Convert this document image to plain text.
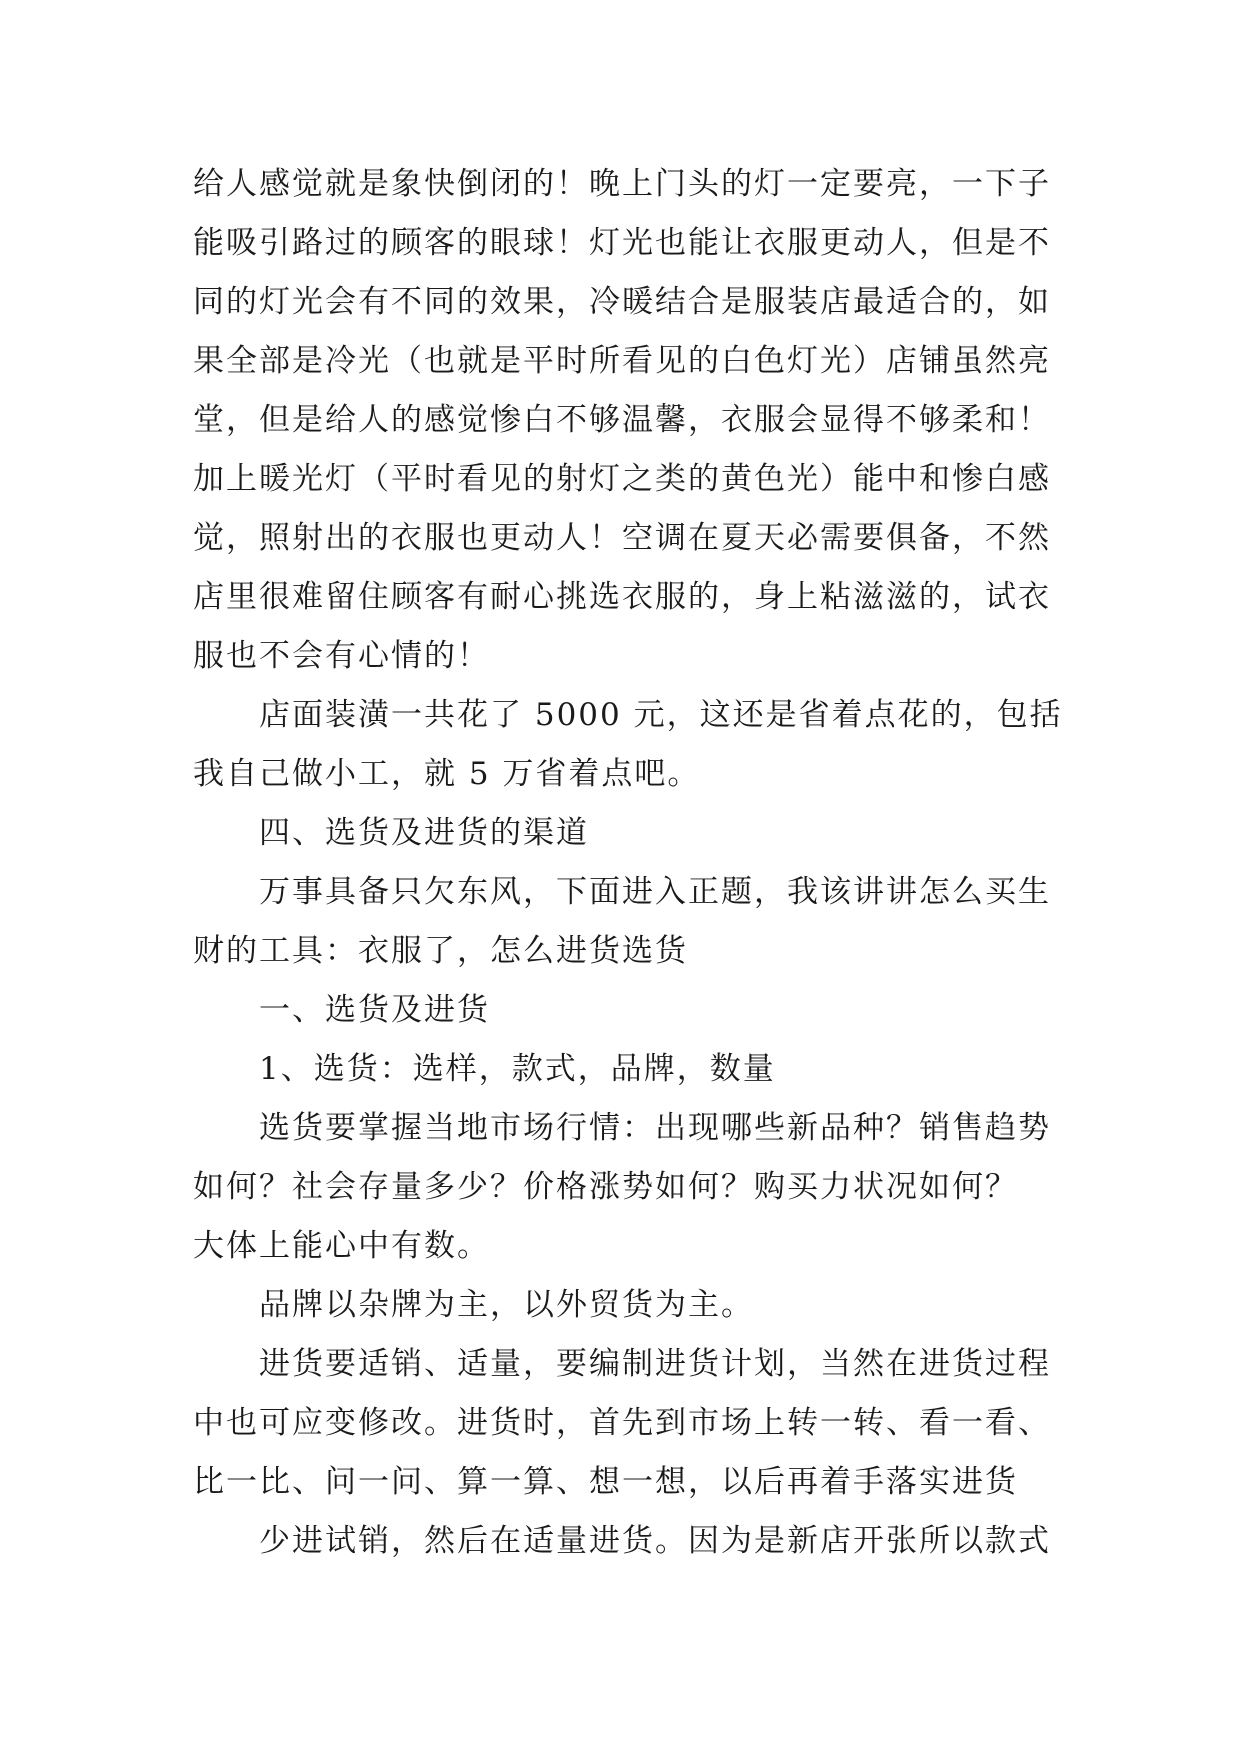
给人感觉就是象快倒闭的！晚上门头的灯一定要亮，一下子
能吸引路过的顾客的眼球！灯光也能让衣服更动人，但是不
同的灯光会有不同的效果，冷暖结合是服装店最适合的，如
果全部是冷光（也就是平时所看见的白色灯光）店铺虽然亮
堂，但是给人的感觉惨白不够温馨，衣服会显得不够柔和！
加上暖光灯（平时看见的射灯之类的黄色光）能中和惨白感
觉，照射出的衣服也更动人！空调在夏天必需要俱备，不然
店里很难留住顾客有耐心挑选衣服的，身上粘滋滋的，试衣
服也不会有心情的！
店面装潢一共花了 5000 元，这还是省着点花的，包括
我自己做小工，就 5 万省着点吧。
四、选货及进货的渠道
万事具备只欠东风，下面进入正题，我该讲讲怎么买生
财的工具：衣服了，怎么进货选货
一、选货及进货
1、选货：选样，款式，品牌，数量
选货要掌握当地市场行情：出现哪些新品种？销售趋势
如何？社会存量多少？价格涨势如何？购买力状况如何？
大体上能心中有数。
品牌以杂牌为主，以外贸货为主。
进货要适销、适量，要编制进货计划，当然在进货过程
中也可应变修改。进货时，首先到市场上转一转、看一看、
比一比、问一问、算一算、想一想，以后再着手落实进货
少进试销，然后在适量进货。因为是新店开张所以款式
